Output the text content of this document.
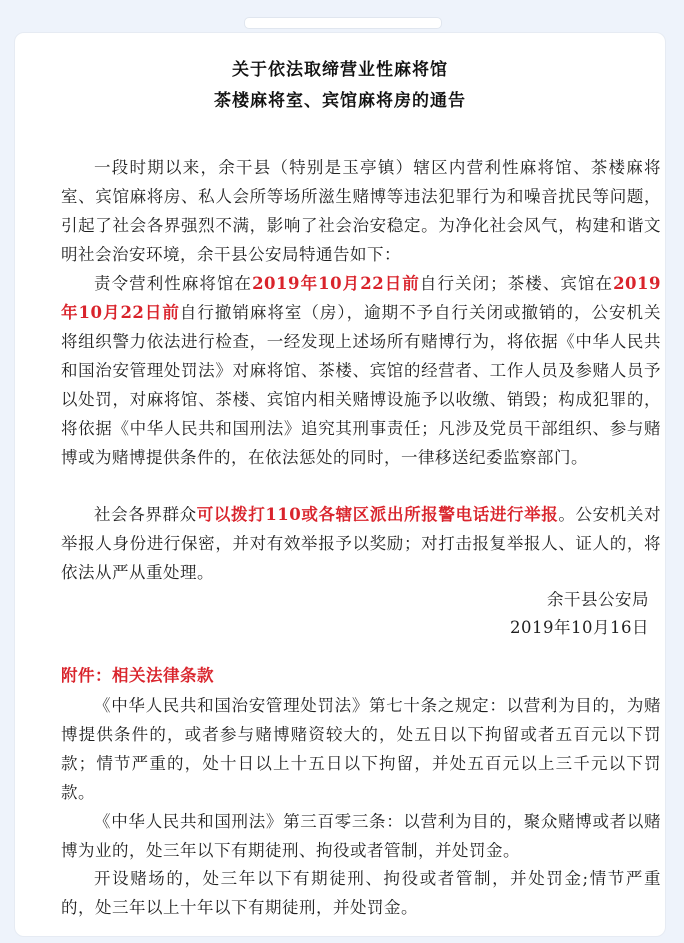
关于依法取缔营业性麻将馆
茶楼麻将室、宾馆麻将房的通告

一段时期以来，余干县（特别是玉亭镇）辖区内营利性麻将馆、茶楼麻将室、宾馆麻将房、私人会所等场所滋生赌博等违法犯罪行为和噪音扰民等问题，引起了社会各界强烈不满，影响了社会治安稳定。为净化社会风气，构建和谐文明社会治安环境，余干县公安局特通告如下：

责令营利性麻将馆在2019年10月22日前自行关闭；茶楼、宾馆在2019年10月22日前自行撤销麻将室（房），逾期不予自行关闭或撤销的，公安机关将组织警力依法进行检查，一经发现上述场所有赌博行为，将依据《中华人民共和国治安管理处罚法》对麻将馆、茶楼、宾馆的经营者、工作人员及参赌人员予以处罚，对麻将馆、茶楼、宾馆内相关赌博设施予以收缴、销毁；构成犯罪的，将依据《中华人民共和国刑法》追究其刑事责任；凡涉及党员干部组织、参与赌博或为赌博提供条件的，在依法惩处的同时，一律移送纪委监察部门。

社会各界群众可以拨打110或各辖区派出所报警电话进行举报。公安机关对举报人身份进行保密，并对有效举报予以奖励；对打击报复举报人、证人的，将依法从严从重处理。

余干县公安局
2019年10月16日
附件：相关法律条款

《中华人民共和国治安管理处罚法》第七十条之规定：以营利为目的，为赌博提供条件的，或者参与赌博赌资较大的，处五日以下拘留或者五百元以下罚款；情节严重的，处十日以上十五日以下拘留，并处五百元以上三千元以下罚款。

《中华人民共和国刑法》第三百零三条：以营利为目的，聚众赌博或者以赌博为业的，处三年以下有期徒刑、拘役或者管制，并处罚金。

开设赌场的，处三年以下有期徒刑、拘役或者管制，并处罚金;情节严重的，处三年以上十年以下有期徒刑，并处罚金。
